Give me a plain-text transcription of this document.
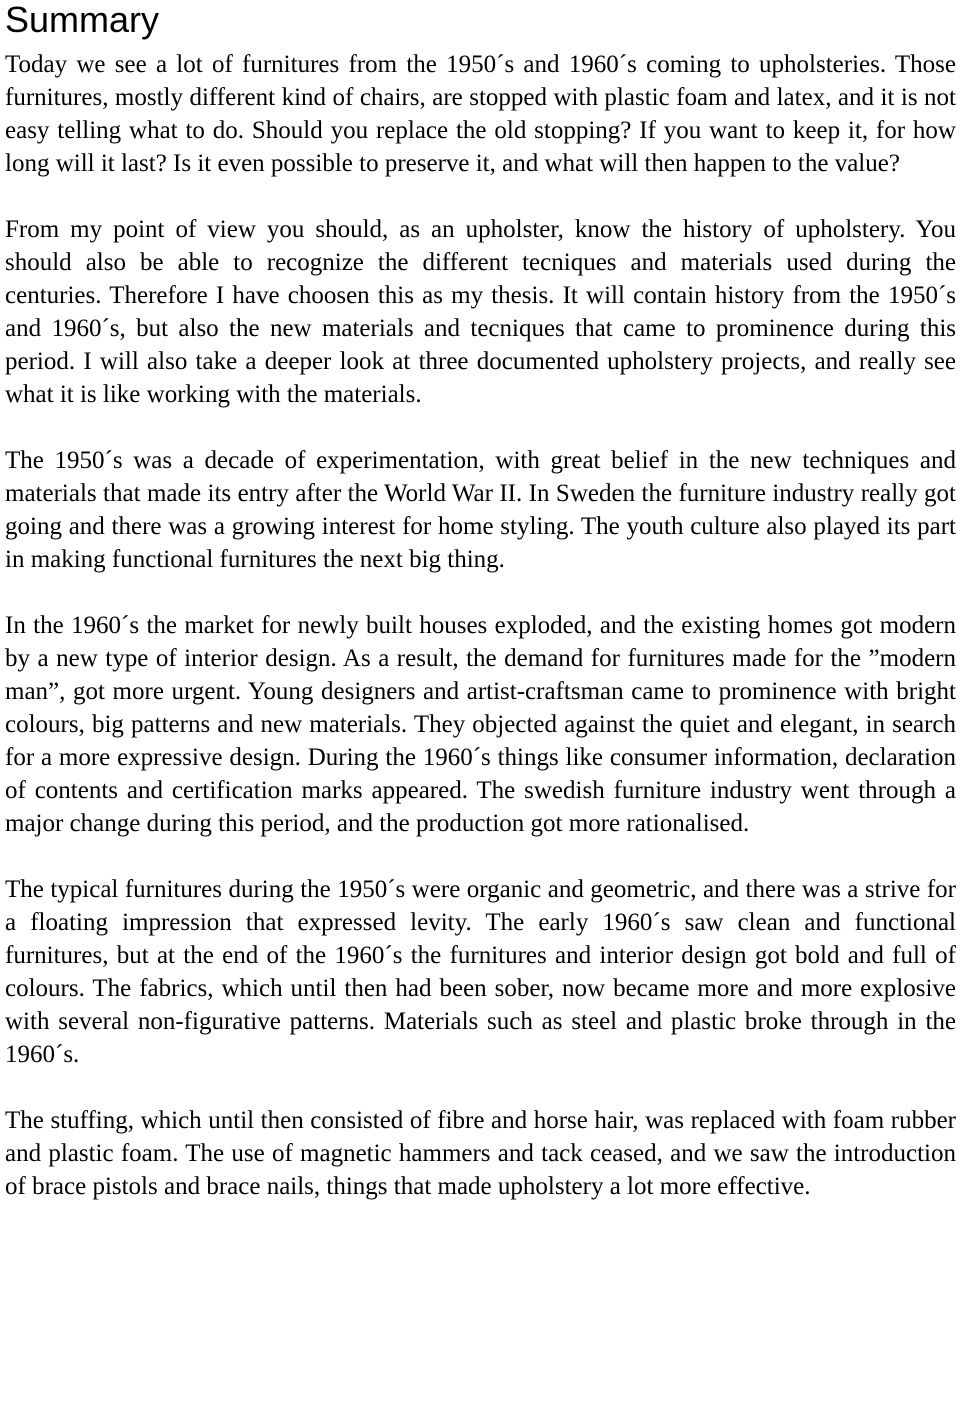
Summary

Today we see a lot of furnitures from the 1950´s and 1960´s coming to upholsteries. Those furnitures, mostly different kind of chairs, are stopped with plastic foam and latex, and it is not easy telling what to do. Should you replace the old stopping? If you want to keep it, for how long will it last? Is it even possible to preserve it, and what will then happen to the value?

From my point of view you should, as an upholster, know the history of upholstery. You should also be able to recognize the different tecniques and materials used during the centuries. Therefore I have choosen this as my thesis. It will contain history from the 1950´s and 1960´s, but also the new materials and tecniques that came to prominence during this period. I will also take a deeper look at three documented upholstery projects, and really see what it is like working with the materials.

The 1950´s was a decade of experimentation, with great belief in the new techniques and materials that made its entry after the World War II. In Sweden the furniture industry really got going and there was a growing interest for home styling. The youth culture also played its part in making functional furnitures the next big thing.

In the 1960´s the market for newly built houses exploded, and the existing homes got modern by a new type of interior design. As a result, the demand for furnitures made for the ”modern man”, got more urgent. Young designers and artist-craftsman came to prominence with bright colours, big patterns and new materials. They objected against the quiet and elegant, in search for a more expressive design. During the 1960´s things like consumer information, declaration of contents and certification marks appeared. The swedish furniture industry went through a major change during this period, and the production got more rationalised.

The typical furnitures during the 1950´s were organic and geometric, and there was a strive for a floating impression that expressed levity. The early 1960´s saw clean and functional furnitures, but at the end of the 1960´s the furnitures and interior design got bold and full of colours. The fabrics, which until then had been sober, now became more and more explosive with several non-figurative patterns. Materials such as steel and plastic broke through in the 1960´s.

The stuffing, which until then consisted of fibre and horse hair, was replaced with foam rubber and plastic foam. The use of magnetic hammers and tack ceased, and we saw the introduction of brace pistols and brace nails, things that made upholstery a lot more effective.
